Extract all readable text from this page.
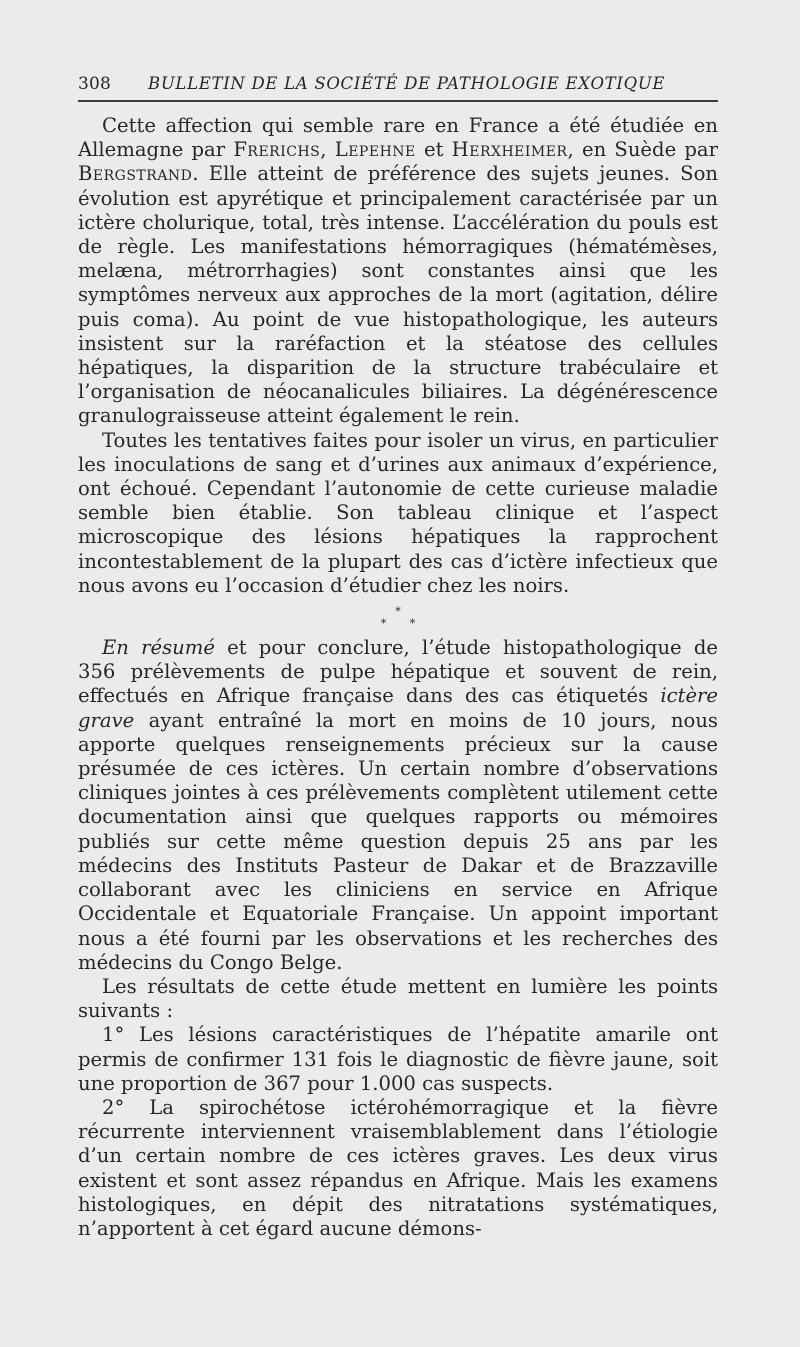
308 BULLETIN DE LA SOCIÉTÉ DE PATHOLOGIE EXOTIQUE

Cette affection qui semble rare en France a été étudiée en Allemagne par Frerichs, Lepehne et Herxheimer, en Suède par Bergstrand. Elle atteint de préférence des sujets jeunes. Son évolution est apyrétique et principalement caractérisée par un ictère cholurique, total, très intense. L’accélération du pouls est de règle. Les manifestations hémorragiques (hématémèses, melæna, métrorrhagies) sont constantes ainsi que les symptômes nerveux aux approches de la mort (agitation, délire puis coma). Au point de vue histopathologique, les auteurs insistent sur la raréfaction et la stéatose des cellules hépatiques, la disparition de la structure trabéculaire et l’organisation de néocanalicules biliaires. La dégénérescence granulograisseuse atteint également le rein.

Toutes les tentatives faites pour isoler un virus, en particulier les inoculations de sang et d’urines aux animaux d’expérience, ont échoué. Cependant l’autonomie de cette curieuse maladie semble bien établie. Son tableau clinique et l’aspect microscopique des lésions hépatiques la rapprochent incontestablement de la plupart des cas d’ictère infectieux que nous avons eu l’occasion d’étudier chez les noirs.

*
* *

En résumé et pour conclure, l’étude histopathologique de 356 prélèvements de pulpe hépatique et souvent de rein, effectués en Afrique française dans des cas étiquetés ictère grave ayant entraîné la mort en moins de 10 jours, nous apporte quelques renseignements précieux sur la cause présumée de ces ictères. Un certain nombre d’observations cliniques jointes à ces prélèvements complètent utilement cette documentation ainsi que quelques rapports ou mémoires publiés sur cette même question depuis 25 ans par les médecins des Instituts Pasteur de Dakar et de Brazzaville collaborant avec les cliniciens en service en Afrique Occidentale et Equatoriale Française. Un appoint important nous a été fourni par les observations et les recherches des médecins du Congo Belge.

Les résultats de cette étude mettent en lumière les points suivants :

1° Les lésions caractéristiques de l’hépatite amarile ont permis de confirmer 131 fois le diagnostic de fièvre jaune, soit une proportion de 367 pour 1.000 cas suspects.

2° La spirochétose ictérohémorragique et la fièvre récurrente interviennent vraisemblablement dans l’étiologie d’un certain nombre de ces ictères graves. Les deux virus existent et sont assez répandus en Afrique. Mais les examens histologiques, en dépit des nitratations systématiques, n’apportent à cet égard aucune démons-
